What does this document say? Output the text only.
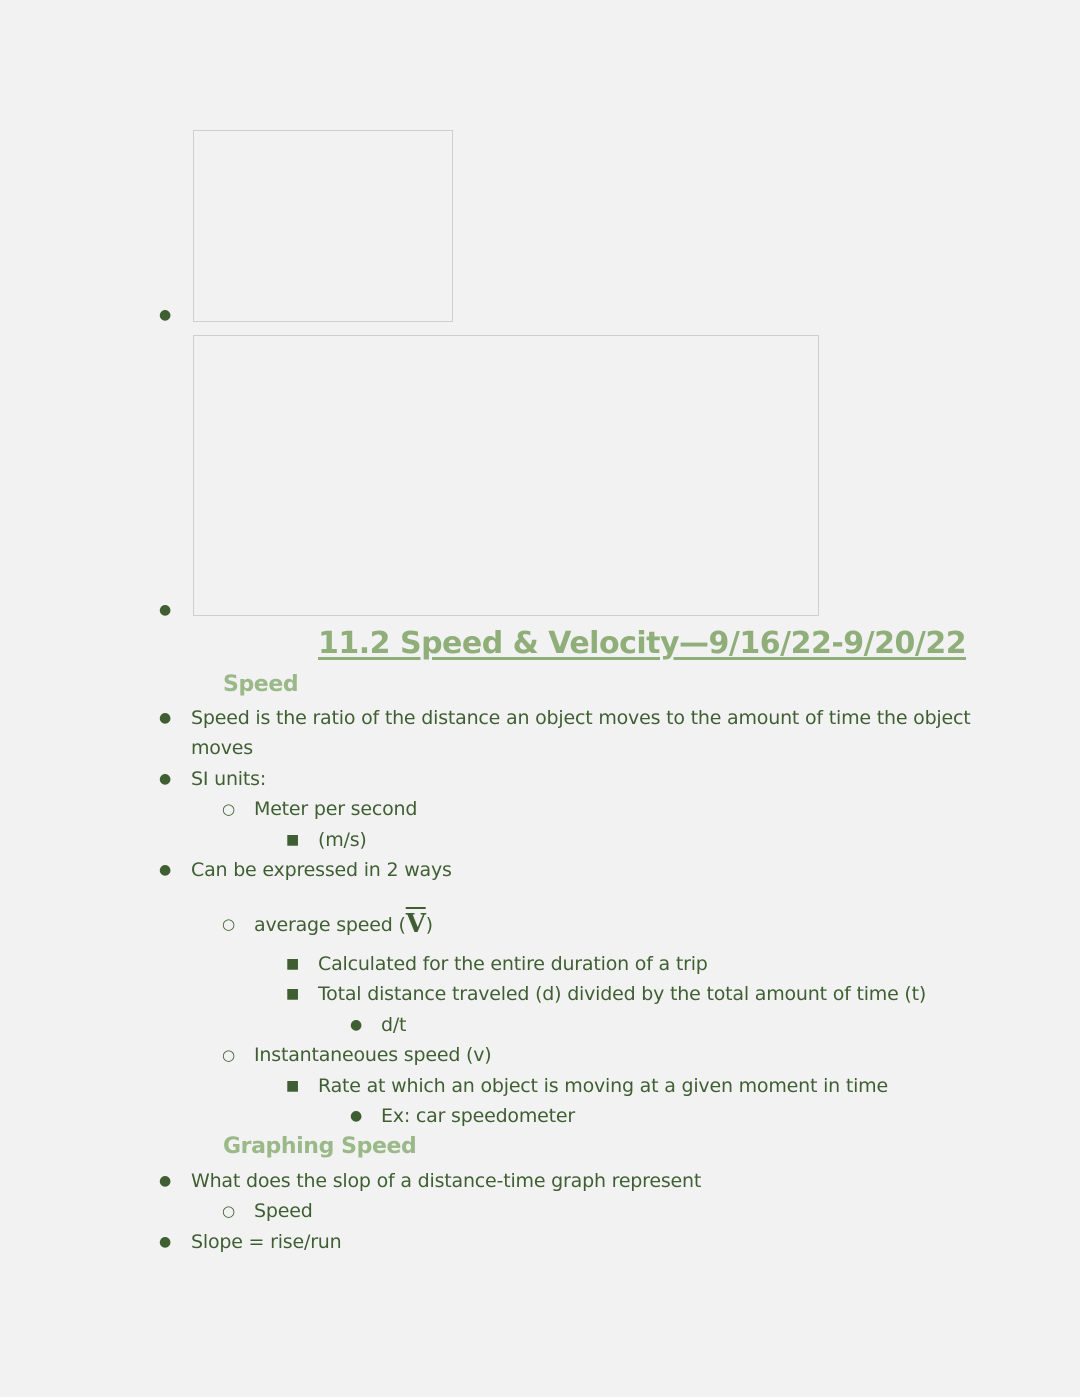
●
●
11.2 Speed & Velocity—9/16/22-9/20/22
Speed
● Speed is the ratio of the distance an object moves to the amount of time the object
moves
● SI units:
○ Meter per second
■ (m/s)
● Can be expressed in 2 ways
○ average speed $(\overline{V})$
■ Calculated for the entire duration of a trip
■ Total distance traveled (d) divided by the total amount of time (t)
● d/t
○ Instantaneoues speed (v)
■ Rate at which an object is moving at a given moment in time
● Ex: car speedometer
Graphing Speed
● What does the slop of a distance-time graph represent
○ Speed
● Slope = rise/run
